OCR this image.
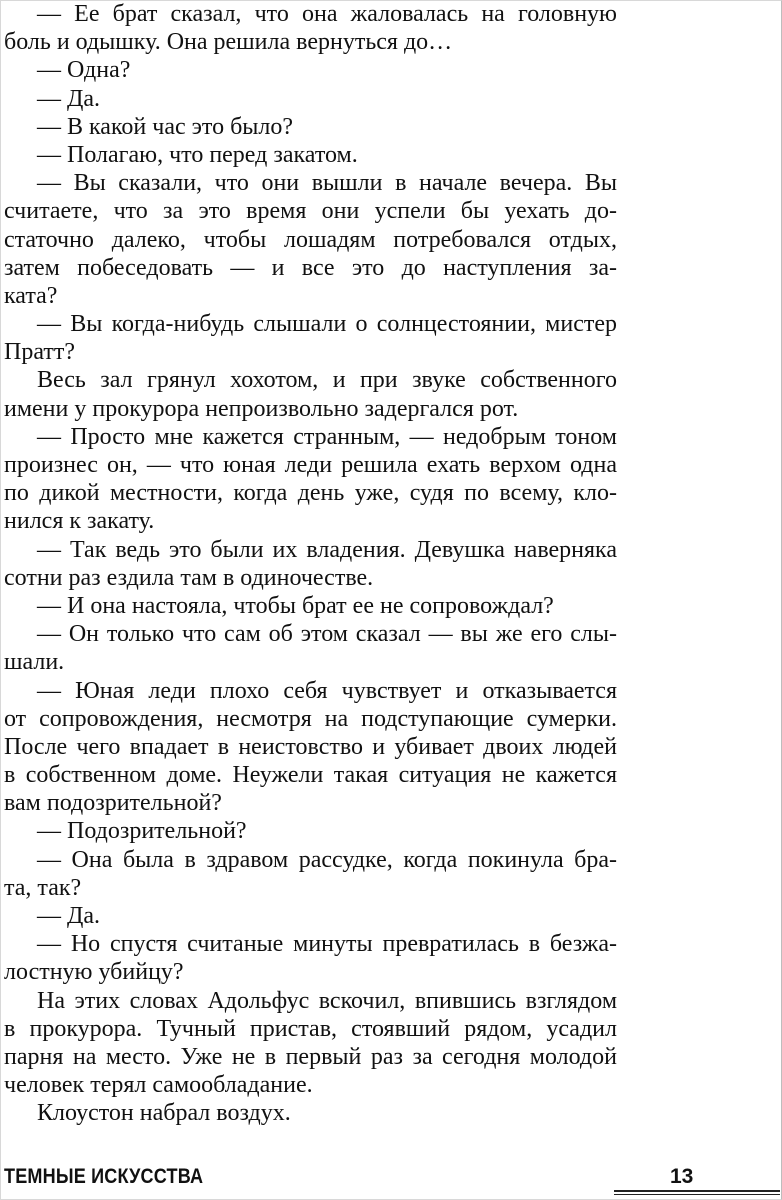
— Ее брат сказал, что она жаловалась на головную
боль и одышку. Она решила вернуться до…
— Одна?
— Да.
— В какой час это было?
— Полагаю, что перед закатом.
— Вы сказали, что они вышли в начале вечера. Вы
считаете, что за это время они успели бы уехать до-
статочно далеко, чтобы лошадям потребовался отдых,
затем побеседовать — и все это до наступления за-
ката?
— Вы когда-нибудь слышали о солнцестоянии, мистер
Пратт?
Весь зал грянул хохотом, и при звуке собственного
имени у прокурора непроизвольно задергался рот.
— Просто мне кажется странным, — недобрым тоном
произнес он, — что юная леди решила ехать верхом одна
по дикой местности, когда день уже, судя по всему, кло-
нился к закату.
— Так ведь это были их владения. Девушка наверняка
сотни раз ездила там в одиночестве.
— И она настояла, чтобы брат ее не сопровождал?
— Он только что сам об этом сказал — вы же его слы-
шали.
— Юная леди плохо себя чувствует и отказывается
от сопровождения, несмотря на подступающие сумерки.
После чего впадает в неистовство и убивает двоих людей
в собственном доме. Неужели такая ситуация не кажется
вам подозрительной?
— Подозрительной?
— Она была в здравом рассудке, когда покинула бра-
та, так?
— Да.
— Но спустя считаные минуты превратилась в безжа-
лостную убийцу?
На этих словах Адольфус вскочил, впившись взглядом
в прокурора. Тучный пристав, стоявший рядом, усадил
парня на место. Уже не в первый раз за сегодня молодой
человек терял самообладание.
Клоустон набрал воздух.
ТЕМНЫЕ ИСКУССТВА	13
